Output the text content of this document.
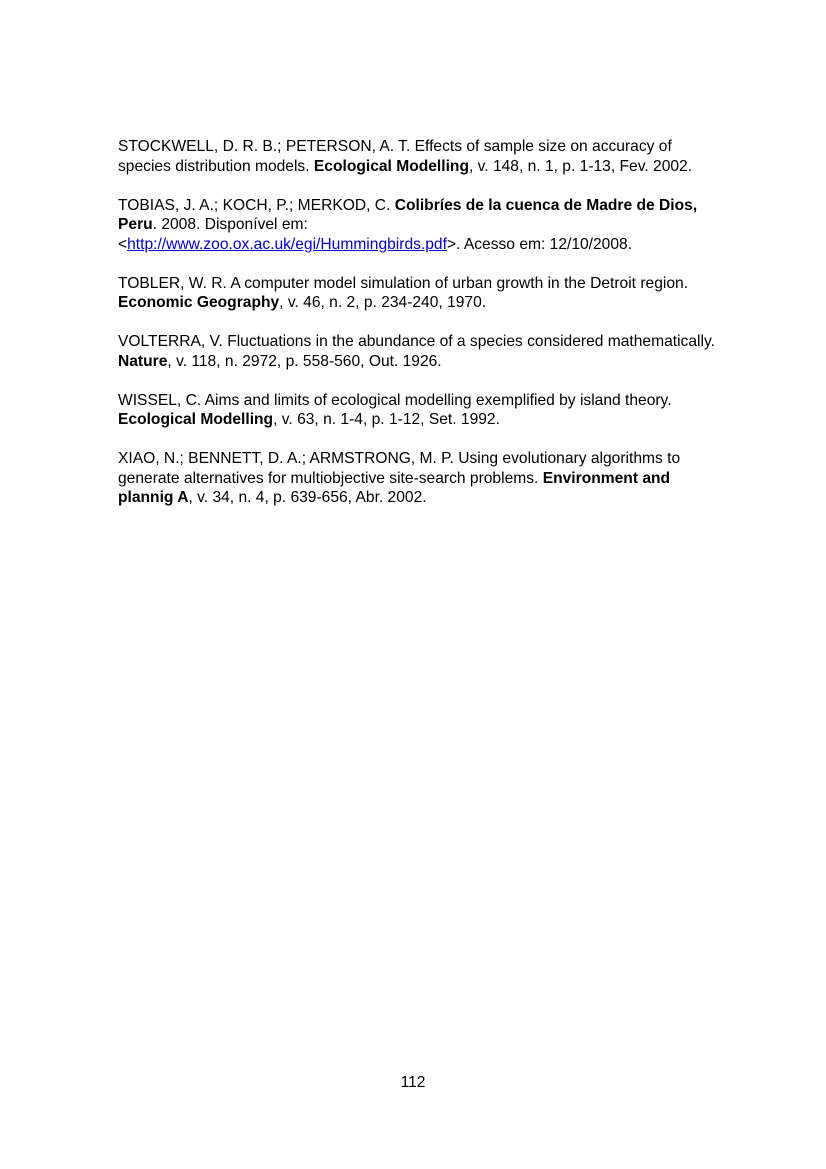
STOCKWELL, D. R. B.; PETERSON, A. T. Effects of sample size on accuracy of species distribution models. Ecological Modelling, v. 148, n. 1, p. 1-13, Fev. 2002.

TOBIAS, J. A.; KOCH, P.; MERKOD, C. Colibríes de la cuenca de Madre de Dios, Peru. 2008. Disponível em:
<http://www.zoo.ox.ac.uk/egi/Hummingbirds.pdf>. Acesso em: 12/10/2008.

TOBLER, W. R. A computer model simulation of urban growth in the Detroit region. Economic Geography, v. 46, n. 2, p. 234-240, 1970.

VOLTERRA, V. Fluctuations in the abundance of a species considered mathematically. Nature, v. 118, n. 2972, p. 558-560, Out. 1926.

WISSEL, C. Aims and limits of ecological modelling exemplified by island theory. Ecological Modelling, v. 63, n. 1-4, p. 1-12, Set. 1992.

XIAO, N.; BENNETT, D. A.; ARMSTRONG, M. P. Using evolutionary algorithms to generate alternatives for multiobjective site-search problems. Environment and plannig A, v. 34, n. 4, p. 639-656, Abr. 2002.

112
